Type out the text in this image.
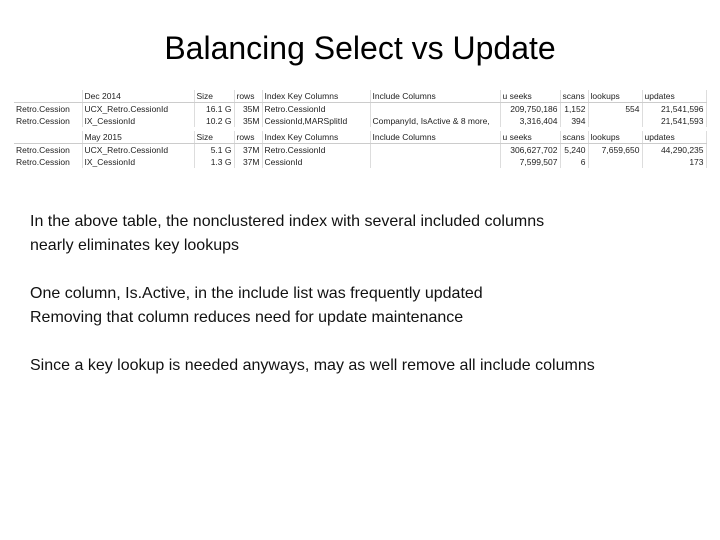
Balancing Select vs Update
	Dec 2014	Size	rows	Index Key Columns	Include Columns	u seeks	scans	lookups	updates
Retro.Cession	UCX_Retro.CessionId	16.1 G	35M	Retro.CessionId		209,750,186	1,152	554	21,541,596
Retro.Cession	IX_CessionId	10.2 G	35M	CessionId,MARSplitId	CompanyId, IsActive & 8 more,	3,316,404	394		21,541,593

	May 2015	Size	rows	Index Key Columns	Include Columns	u seeks	scans	lookups	updates
Retro.Cession	UCX_Retro.CessionId	5.1 G	37M	Retro.CessionId		306,627,702	5,240	7,659,650	44,290,235
Retro.Cession	IX_CessionId	1.3 G	37M	CessionId		7,599,507	6		173
In the above table, the nonclustered index with several included columns
nearly eliminates key lookups
One column, Is.Active, in the include list was frequently updated
Removing that column reduces need for update maintenance
Since a key lookup is needed anyways, may as well remove all include columns
